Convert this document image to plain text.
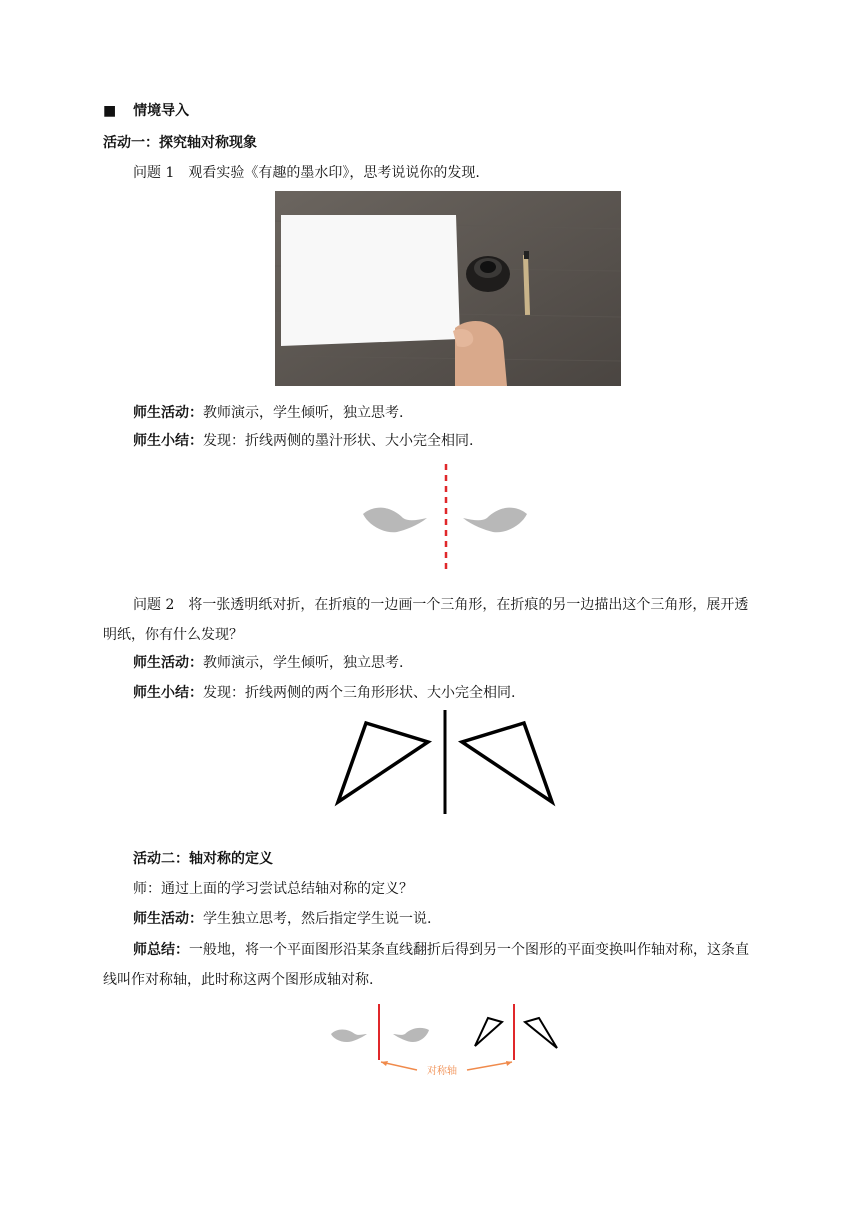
■ 情境导入
活动一：探究轴对称现象
问题 1　观看实验《有趣的墨水印》，思考说说你的发现.
师生活动：教师演示，学生倾听，独立思考.
师生小结：发现：折线两侧的墨汁形状、大小完全相同.
问题 2　将一张透明纸对折，在折痕的一边画一个三角形，在折痕的另一边描出这个三角形，展开透明纸，你有什么发现？
师生活动：教师演示，学生倾听，独立思考.
师生小结：发现：折线两侧的两个三角形形状、大小完全相同.
活动二：轴对称的定义
师：通过上面的学习尝试总结轴对称的定义？
师生活动：学生独立思考，然后指定学生说一说.
师总结：一般地，将一个平面图形沿某条直线翻折后得到另一个图形的平面变换叫作轴对称，这条直线叫作对称轴，此时称这两个图形成轴对称.
对称轴
